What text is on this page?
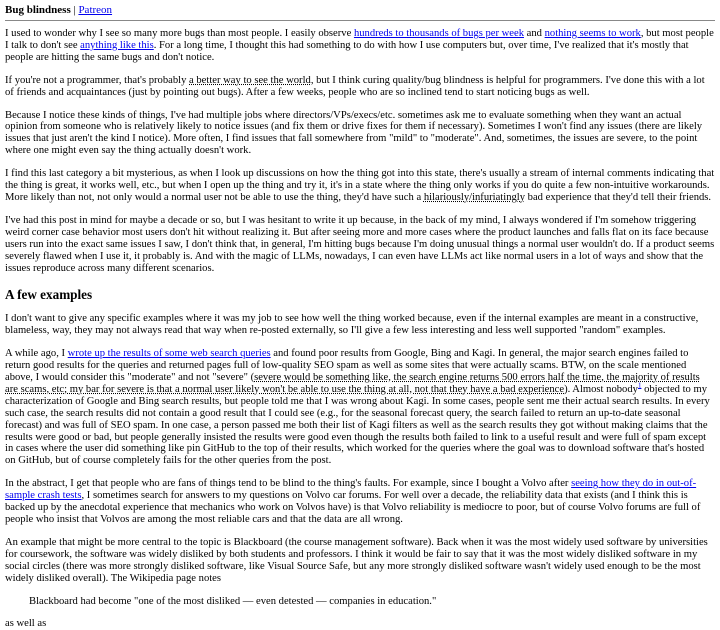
Bug blindness | Patreon

I used to wonder why I see so many more bugs than most people. I easily observe hundreds to thousands of bugs per week and nothing seems to work, but most people I talk to don't see anything like this. For a long time, I thought this had something to do with how I use computers but, over time, I've realized that it's mostly that people are hitting the same bugs and don't notice.

If you're not a programmer, that's probably a better way to see the world, but I think curing quality/bug blindness is helpful for programmers. I've done this with a lot of friends and acquaintances (just by pointing out bugs). After a few weeks, people who are so inclined tend to start noticing bugs as well.

Because I notice these kinds of things, I've had multiple jobs where directors/VPs/execs/etc. sometimes ask me to evaluate something when they want an actual opinion from someone who is relatively likely to notice issues (and fix them or drive fixes for them if necessary). Sometimes I won't find any issues (there are likely issues that just aren't the kind I notice). More often, I find issues that fall somewhere from "mild" to "moderate". And, sometimes, the issues are severe, to the point where one might even say the thing actually doesn't work.

I find this last category a bit mysterious, as when I look up discussions on how the thing got into this state, there's usually a stream of internal comments indicating that the thing is great, it works well, etc., but when I open up the thing and try it, it's in a state where the thing only works if you do quite a few non-intuitive workarounds. More likely than not, not only would a normal user not be able to use the thing, they'd have such a hilariously/infuriatingly bad experience that they'd tell their friends.

I've had this post in mind for maybe a decade or so, but I was hesitant to write it up because, in the back of my mind, I always wondered if I'm somehow triggering weird corner case behavior most users don't hit without realizing it. But after seeing more and more cases where the product launches and falls flat on its face because users run into the exact same issues I saw, I don't think that, in general, I'm hitting bugs because I'm doing unusual things a normal user wouldn't do. If a product seems severely flawed when I use it, it probably is. And with the magic of LLMs, nowadays, I can even have LLMs act like normal users in a lot of ways and show that the issues reproduce across many different scenarios.

A few examples

I don't want to give any specific examples where it was my job to see how well the thing worked because, even if the internal examples are meant in a constructive, blameless, way, they may not always read that way when re-posted externally, so I'll give a few less interesting and less well supported "random" examples.

A while ago, I wrote up the results of some web search queries and found poor results from Google, Bing and Kagi. In general, the major search engines failed to return good results for the queries and returned pages full of low-quality SEO spam as well as some sites that were actually scams. BTW, on the scale mentioned above, I would consider this "moderate" and not "severe" (severe would be something like, the search engine returns 500 errors half the time, the majority of results are scams, etc; my bar for severe is that a normal user likely won't be able to use the thing at all, not that they have a bad experience). Almost nobody$^1$ objected to my characterization of Google and Bing search results, but people told me that I was wrong about Kagi. In some cases, people sent me their actual search results. In every such case, the search results did not contain a good result that I could see (e.g., for the seasonal forecast query, the search failed to return an up-to-date seasonal forecast) and was full of SEO spam. In one case, a person passed me both their list of Kagi filters as well as the search results they got without making claims that the results were good or bad, but people generally insisted the results were good even though the results both failed to link to a useful result and were full of spam except in cases where the user did something like pin GitHub to the top of their results, which worked for the queries where the goal was to download software that's hosted on GitHub, but of course completely fails for the other queries from the post.

In the abstract, I get that people who are fans of things tend to be blind to the thing's faults. For example, since I bought a Volvo after seeing how they do in out-of-sample crash tests, I sometimes search for answers to my questions on Volvo car forums. For well over a decade, the reliability data that exists (and I think this is backed up by the anecdotal experience that mechanics who work on Volvos have) is that Volvo reliability is mediocre to poor, but of course Volvo forums are full of people who insist that Volvos are among the most reliable cars and that the data are all wrong.

An example that might be more central to the topic is Blackboard (the course management software). Back when it was the most widely used software by universities for coursework, the software was widely disliked by both students and professors. I think it would be fair to say that it was the most widely disliked software in my social circles (there was more strongly disliked software, like Visual Source Safe, but any more strongly disliked software wasn't widely used enough to be the most widely disliked overall). The Wikipedia page notes

Blackboard had become "one of the most disliked — even detested — companies in education."

as well as
